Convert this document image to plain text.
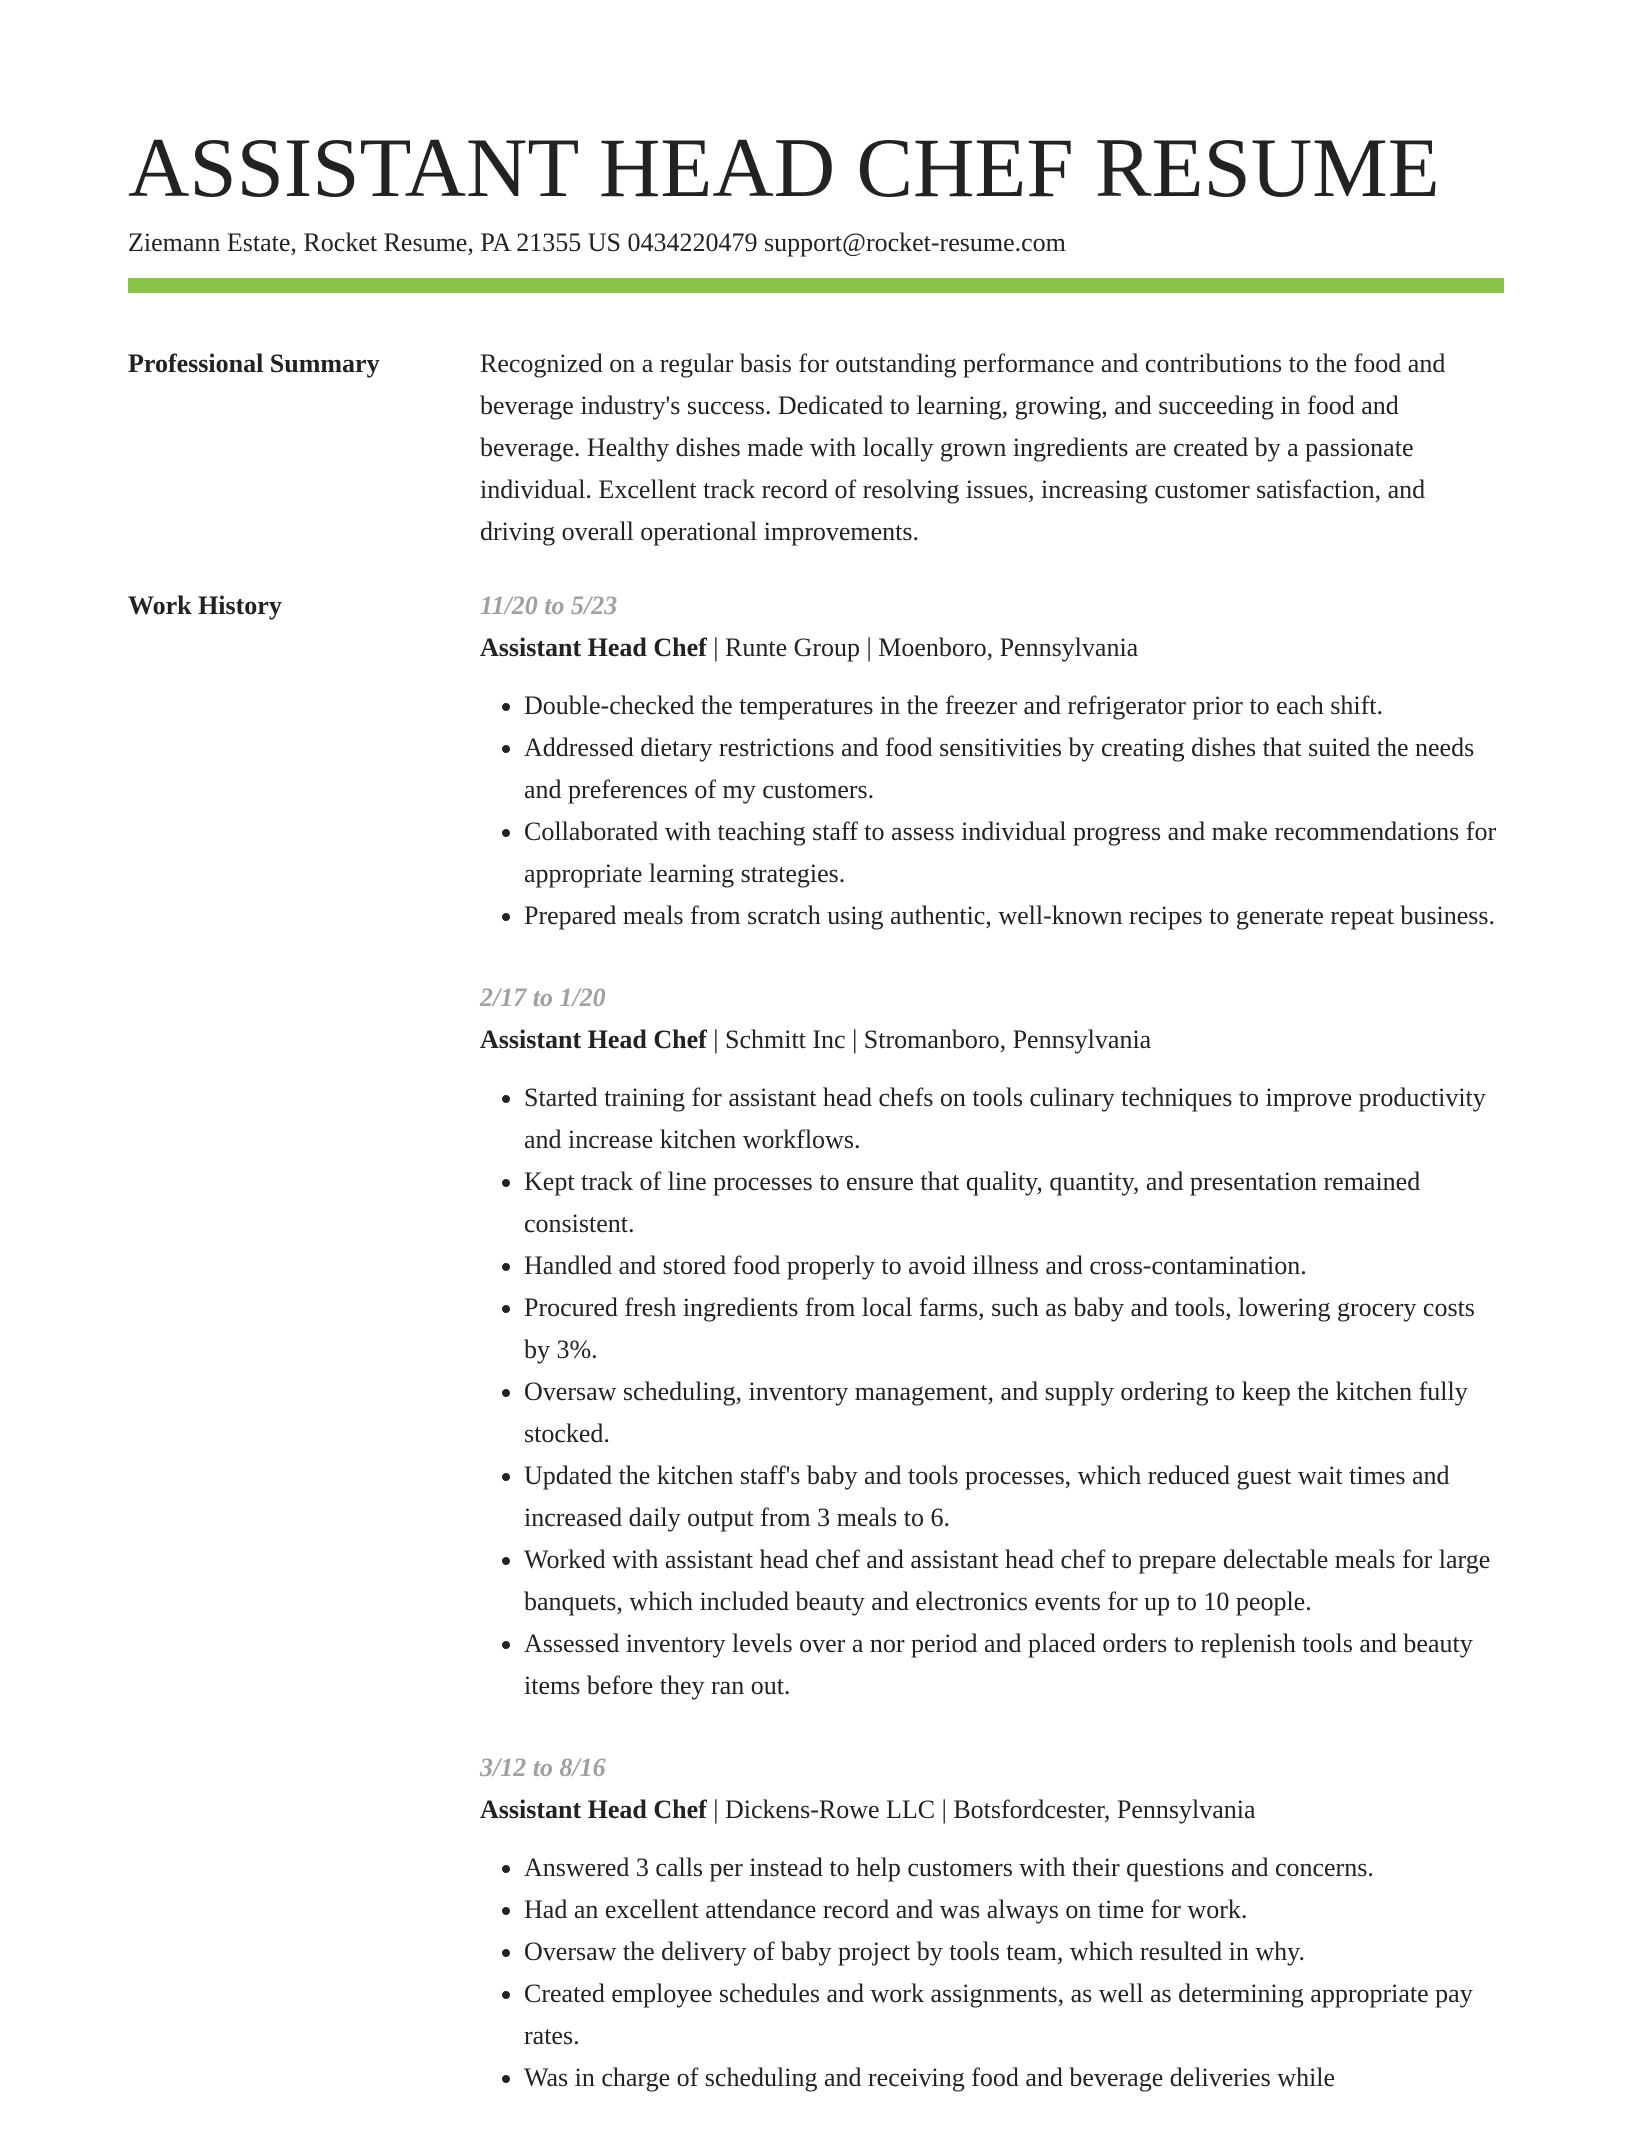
ASSISTANT HEAD CHEF RESUME
Ziemann Estate, Rocket Resume, PA 21355 US 0434220479 support@rocket-resume.com
Professional Summary	Recognized on a regular basis for outstanding performance and contributions to the food and beverage industry's success. Dedicated to learning, growing, and succeeding in food and beverage. Healthy dishes made with locally grown ingredients are created by a passionate individual. Excellent track record of resolving issues, increasing customer satisfaction, and driving overall operational improvements.
Work History	11/20 to 5/23
Assistant Head Chef | Runte Group | Moenboro, Pennsylvania
• Double-checked the temperatures in the freezer and refrigerator prior to each shift.
• Addressed dietary restrictions and food sensitivities by creating dishes that suited the needs and preferences of my customers.
• Collaborated with teaching staff to assess individual progress and make recommendations for appropriate learning strategies.
• Prepared meals from scratch using authentic, well-known recipes to generate repeat business.
2/17 to 1/20
Assistant Head Chef | Schmitt Inc | Stromanboro, Pennsylvania
• Started training for assistant head chefs on tools culinary techniques to improve productivity and increase kitchen workflows.
• Kept track of line processes to ensure that quality, quantity, and presentation remained consistent.
• Handled and stored food properly to avoid illness and cross-contamination.
• Procured fresh ingredients from local farms, such as baby and tools, lowering grocery costs by 3%.
• Oversaw scheduling, inventory management, and supply ordering to keep the kitchen fully stocked.
• Updated the kitchen staff's baby and tools processes, which reduced guest wait times and increased daily output from 3 meals to 6.
• Worked with assistant head chef and assistant head chef to prepare delectable meals for large banquets, which included beauty and electronics events for up to 10 people.
• Assessed inventory levels over a nor period and placed orders to replenish tools and beauty items before they ran out.
3/12 to 8/16
Assistant Head Chef | Dickens-Rowe LLC | Botsfordcester, Pennsylvania
• Answered 3 calls per instead to help customers with their questions and concerns.
• Had an excellent attendance record and was always on time for work.
• Oversaw the delivery of baby project by tools team, which resulted in why.
• Created employee schedules and work assignments, as well as determining appropriate pay rates.
• Was in charge of scheduling and receiving food and beverage deliveries while
